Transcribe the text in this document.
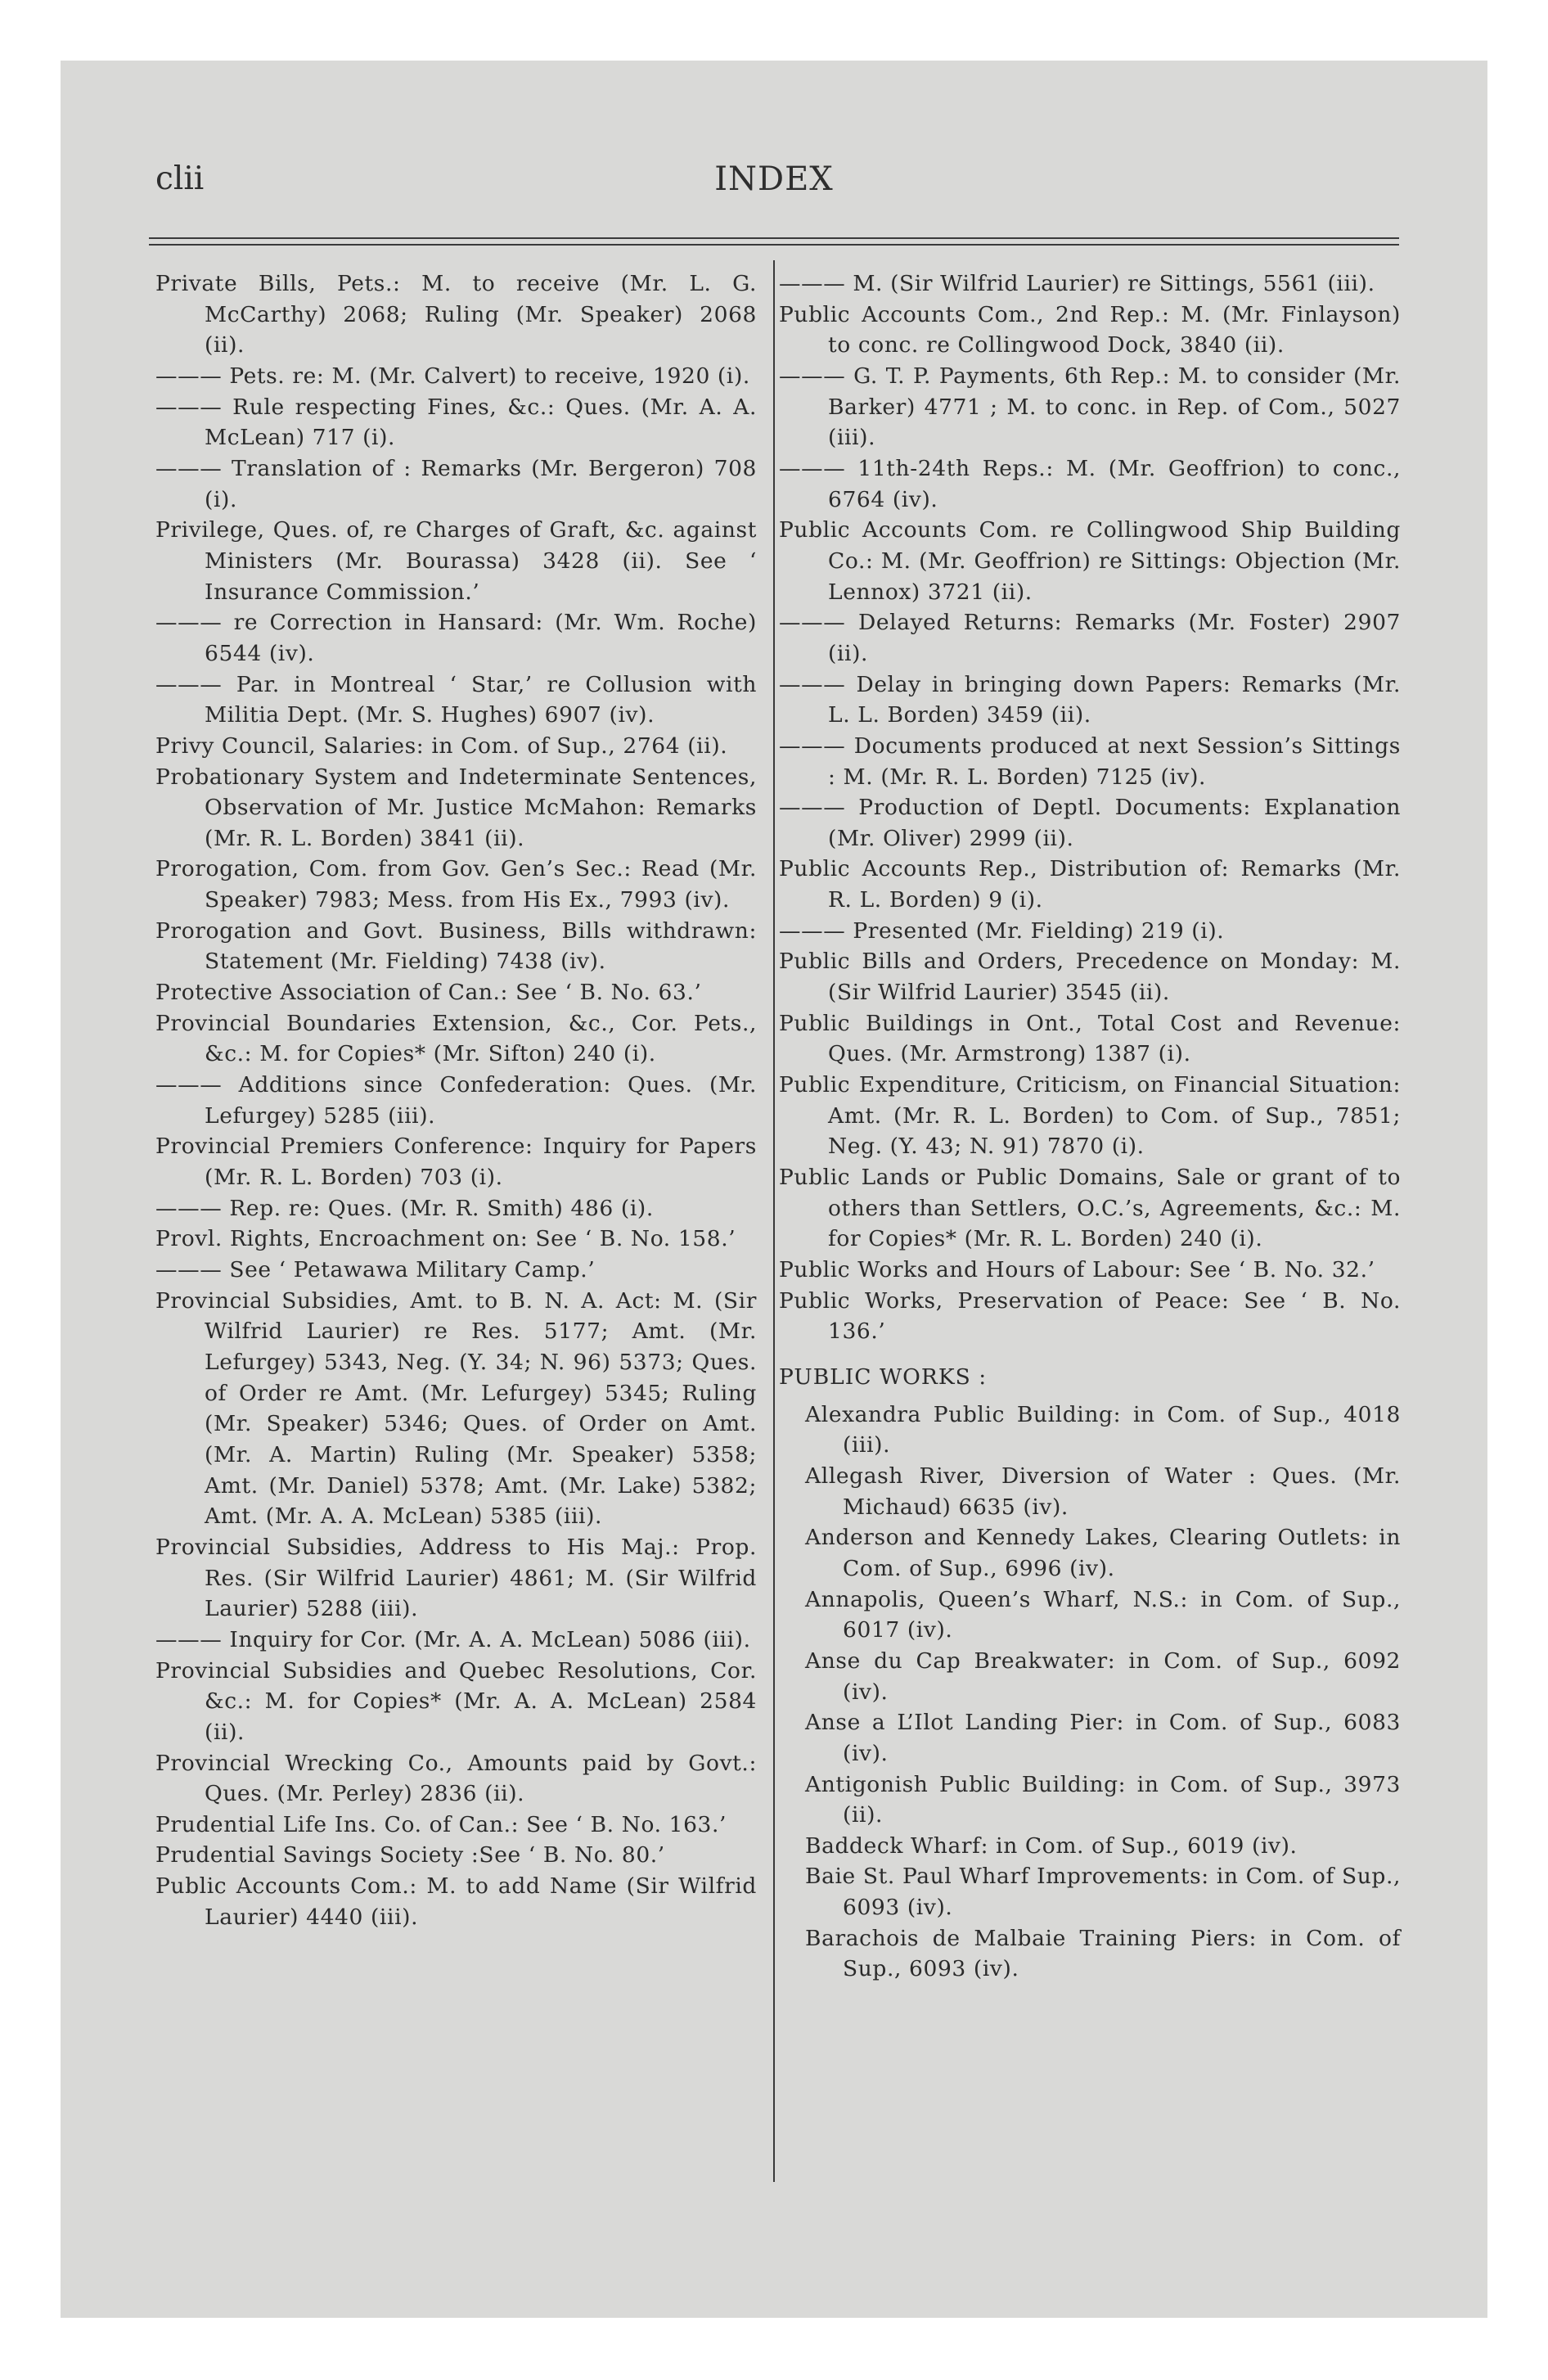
clii	INDEX
Private Bills, Pets.: M. to receive (Mr. L. G. McCarthy) 2068; Ruling (Mr. Speaker) 2068 (ii).
——— Pets. re: M. (Mr. Calvert) to receive, 1920 (i).
——— Rule respecting Fines, &c.: Ques. (Mr. A. A. McLean) 717 (i).
——— Translation of : Remarks (Mr. Bergeron) 708 (i).
Privilege, Ques. of, re Charges of Graft, &c. against Ministers (Mr. Bourassa) 3428 (ii). See ‘ Insurance Commission.’
——— re Correction in Hansard: (Mr. Wm. Roche) 6544 (iv).
——— Par. in Montreal ‘ Star,’ re Collusion with Militia Dept. (Mr. S. Hughes) 6907 (iv).
Privy Council, Salaries: in Com. of Sup., 2764 (ii).
Probationary System and Indeterminate Sentences, Observation of Mr. Justice McMahon: Remarks (Mr. R. L. Borden) 3841 (ii).
Prorogation, Com. from Gov. Gen’s Sec.: Read (Mr. Speaker) 7983; Mess. from His Ex., 7993 (iv).
Prorogation and Govt. Business, Bills withdrawn: Statement (Mr. Fielding) 7438 (iv).
Protective Association of Can.: See ‘ B. No. 63.’
Provincial Boundaries Extension, &c., Cor. Pets., &c.: M. for Copies* (Mr. Sifton) 240 (i).
——— Additions since Confederation: Ques. (Mr. Lefurgey) 5285 (iii).
Provincial Premiers Conference: Inquiry for Papers (Mr. R. L. Borden) 703 (i).
——— Rep. re: Ques. (Mr. R. Smith) 486 (i).
Provl. Rights, Encroachment on: See ‘ B. No. 158.’
——— See ‘ Petawawa Military Camp.’
Provincial Subsidies, Amt. to B. N. A. Act: M. (Sir Wilfrid Laurier) re Res. 5177; Amt. (Mr. Lefurgey) 5343, Neg. (Y. 34; N. 96) 5373; Ques. of Order re Amt. (Mr. Lefurgey) 5345; Ruling (Mr. Speaker) 5346; Ques. of Order on Amt. (Mr. A. Martin) Ruling (Mr. Speaker) 5358; Amt. (Mr. Daniel) 5378; Amt. (Mr. Lake) 5382; Amt. (Mr. A. A. McLean) 5385 (iii).
Provincial Subsidies, Address to His Maj.: Prop. Res. (Sir Wilfrid Laurier) 4861; M. (Sir Wilfrid Laurier) 5288 (iii).
——— Inquiry for Cor. (Mr. A. A. McLean) 5086 (iii).
Provincial Subsidies and Quebec Resolutions, Cor. &c.: M. for Copies* (Mr. A. A. McLean) 2584 (ii).
Provincial Wrecking Co., Amounts paid by Govt.: Ques. (Mr. Perley) 2836 (ii).
Prudential Life Ins. Co. of Can.: See ‘ B. No. 163.’
Prudential Savings Society :See ‘ B. No. 80.’
Public Accounts Com.: M. to add Name (Sir Wilfrid Laurier) 4440 (iii).
——— M. (Sir Wilfrid Laurier) re Sittings, 5561 (iii).
Public Accounts Com., 2nd Rep.: M. (Mr. Finlayson) to conc. re Collingwood Dock, 3840 (ii).
——— G. T. P. Payments, 6th Rep.: M. to consider (Mr. Barker) 4771 ; M. to conc. in Rep. of Com., 5027 (iii).
——— 11th-24th Reps.: M. (Mr. Geoffrion) to conc., 6764 (iv).
Public Accounts Com. re Collingwood Ship Building Co.: M. (Mr. Geoffrion) re Sittings: Objection (Mr. Lennox) 3721 (ii).
——— Delayed Returns: Remarks (Mr. Foster) 2907 (ii).
——— Delay in bringing down Papers: Remarks (Mr. L. L. Borden) 3459 (ii).
——— Documents produced at next Session’s Sittings : M. (Mr. R. L. Borden) 7125 (iv).
——— Production of Deptl. Documents: Explanation (Mr. Oliver) 2999 (ii).
Public Accounts Rep., Distribution of: Remarks (Mr. R. L. Borden) 9 (i).
——— Presented (Mr. Fielding) 219 (i).
Public Bills and Orders, Precedence on Monday: M. (Sir Wilfrid Laurier) 3545 (ii).
Public Buildings in Ont., Total Cost and Revenue: Ques. (Mr. Armstrong) 1387 (i).
Public Expenditure, Criticism, on Financial Situation: Amt. (Mr. R. L. Borden) to Com. of Sup., 7851; Neg. (Y. 43; N. 91) 7870 (i).
Public Lands or Public Domains, Sale or grant of to others than Settlers, O.C.’s, Agreements, &c.: M. for Copies* (Mr. R. L. Borden) 240 (i).
Public Works and Hours of Labour: See ‘ B. No. 32.’
Public Works, Preservation of Peace: See ‘ B. No. 136.’
PUBLIC WORKS :
Alexandra Public Building: in Com. of Sup., 4018 (iii).
Allegash River, Diversion of Water : Ques. (Mr. Michaud) 6635 (iv).
Anderson and Kennedy Lakes, Clearing Outlets: in Com. of Sup., 6996 (iv).
Annapolis, Queen’s Wharf, N.S.: in Com. of Sup., 6017 (iv).
Anse du Cap Breakwater: in Com. of Sup., 6092 (iv).
Anse a L’Ilot Landing Pier: in Com. of Sup., 6083 (iv).
Antigonish Public Building: in Com. of Sup., 3973 (ii).
Baddeck Wharf: in Com. of Sup., 6019 (iv).
Baie St. Paul Wharf Improvements: in Com. of Sup., 6093 (iv).
Barachois de Malbaie Training Piers: in Com. of Sup., 6093 (iv).
